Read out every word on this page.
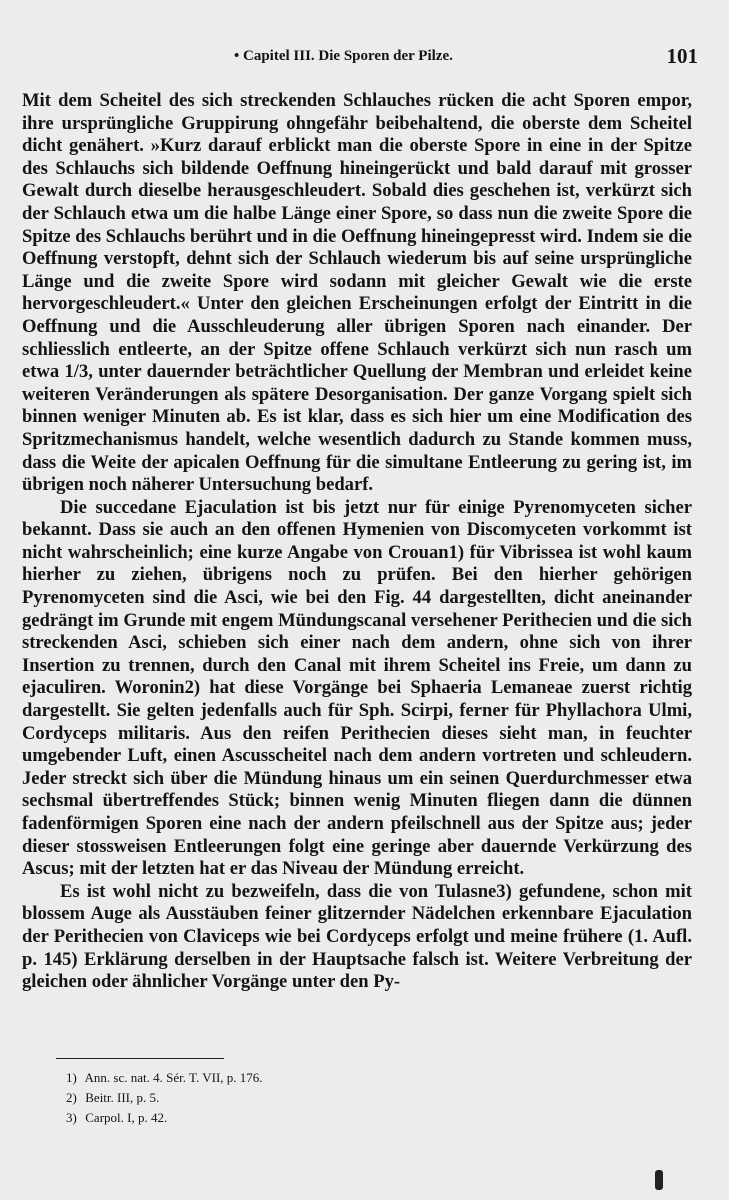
• Capitel III. Die Sporen der Pilze.	101

Mit dem Scheitel des sich streckenden Schlauches rücken die acht Sporen empor, ihre ursprüngliche Gruppirung ohngefähr beibehaltend, die oberste dem Scheitel dicht genähert. »Kurz darauf erblickt man die oberste Spore in eine in der Spitze des Schlauchs sich bildende Oeffnung hineingerückt und bald darauf mit grosser Gewalt durch dieselbe herausgeschleudert. Sobald dies geschehen ist, verkürzt sich der Schlauch etwa um die halbe Länge einer Spore, so dass nun die zweite Spore die Spitze des Schlauchs berührt und in die Oeffnung hineingepresst wird. Indem sie die Oeffnung verstopft, dehnt sich der Schlauch wiederum bis auf seine ursprüngliche Länge und die zweite Spore wird sodann mit gleicher Gewalt wie die erste hervorgeschleudert.« Unter den gleichen Erscheinungen erfolgt der Eintritt in die Oeffnung und die Ausschleuderung aller übrigen Sporen nach einander. Der schliesslich entleerte, an der Spitze offene Schlauch verkürzt sich nun rasch um etwa 1/3, unter dauernder beträchtlicher Quellung der Membran und erleidet keine weiteren Veränderungen als spätere Desorganisation. Der ganze Vorgang spielt sich binnen weniger Minuten ab. Es ist klar, dass es sich hier um eine Modification des Spritzmechanismus handelt, welche wesentlich dadurch zu Stande kommen muss, dass die Weite der apicalen Oeffnung für die simultane Entleerung zu gering ist, im übrigen noch näherer Untersuchung bedarf.

Die succedane Ejaculation ist bis jetzt nur für einige Pyrenomyceten sicher bekannt. Dass sie auch an den offenen Hymenien von Discomyceten vorkommt ist nicht wahrscheinlich; eine kurze Angabe von Crouan1) für Vibrissea ist wohl kaum hierher zu ziehen, übrigens noch zu prüfen. Bei den hierher gehörigen Pyrenomyceten sind die Asci, wie bei den Fig. 44 dargestellten, dicht aneinander gedrängt im Grunde mit engem Mündungscanal versehener Perithecien und die sich streckenden Asci, schieben sich einer nach dem andern, ohne sich von ihrer Insertion zu trennen, durch den Canal mit ihrem Scheitel ins Freie, um dann zu ejaculiren. Woronin2) hat diese Vorgänge bei Sphaeria Lemaneae zuerst richtig dargestellt. Sie gelten jedenfalls auch für Sph. Scirpi, ferner für Phyllachora Ulmi, Cordyceps militaris. Aus den reifen Perithecien dieses sieht man, in feuchter umgebender Luft, einen Ascusscheitel nach dem andern vortreten und schleudern. Jeder streckt sich über die Mündung hinaus um ein seinen Querdurchmesser etwa sechsmal übertreffendes Stück; binnen wenig Minuten fliegen dann die dünnen fadenförmigen Sporen eine nach der andern pfeilschnell aus der Spitze aus; jeder dieser stossweisen Entleerungen folgt eine geringe aber dauernde Verkürzung des Ascus; mit der letzten hat er das Niveau der Mündung erreicht.

Es ist wohl nicht zu bezweifeln, dass die von Tulasne3) gefundene, schon mit blossem Auge als Ausstäuben feiner glitzernder Nädelchen erkennbare Ejaculation der Perithecien von Claviceps wie bei Cordyceps erfolgt und meine frühere (1. Aufl. p. 145) Erklärung derselben in der Hauptsache falsch ist. Weitere Verbreitung der gleichen oder ähnlicher Vorgänge unter den Py-

1) Ann. sc. nat. 4. Sér. T. VII, p. 176.
2) Beitr. III, p. 5.
3) Carpol. I, p. 42.
